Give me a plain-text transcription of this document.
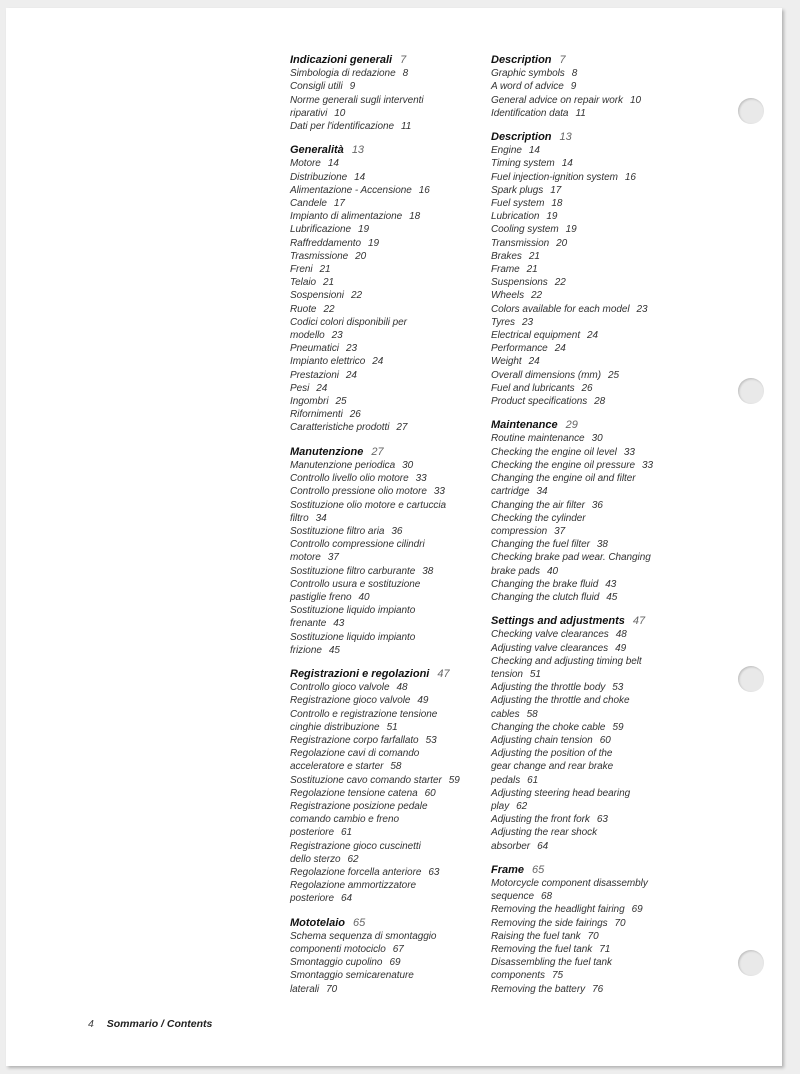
Indicazioni generali 7
Simbologia di redazione 8
Consigli utili 9
Norme generali sugli interventi
riparativi 10
Dati per l'identificazione 11
Generalità 13
Motore 14
Distribuzione 14
Alimentazione - Accensione 16
Candele 17
Impianto di alimentazione 18
Lubrificazione 19
Raffreddamento 19
Trasmissione 20
Freni 21
Telaio 21
Sospensioni 22
Ruote 22
Codici colori disponibili per
modello 23
Pneumatici 23
Impianto elettrico 24
Prestazioni 24
Pesi 24
Ingombri 25
Rifornimenti 26
Caratteristiche prodotti 27
Manutenzione 27
Manutenzione periodica 30
Controllo livello olio motore 33
Controllo pressione olio motore 33
Sostituzione olio motore e cartuccia
filtro 34
Sostituzione filtro aria 36
Controllo compressione cilindri
motore 37
Sostituzione filtro carburante 38
Controllo usura e sostituzione
pastiglie freno 40
Sostituzione liquido impianto
frenante 43
Sostituzione liquido impianto
frizione 45
Registrazioni e regolazioni 47
Controllo gioco valvole 48
Registrazione gioco valvole 49
Controllo e registrazione tensione
cinghie distribuzione 51
Registrazione corpo farfallato 53
Regolazione cavi di comando
acceleratore e starter 58
Sostituzione cavo comando starter 59
Regolazione tensione catena 60
Registrazione posizione pedale
comando cambio e freno
posteriore 61
Registrazione gioco cuscinetti
dello sterzo 62
Regolazione forcella anteriore 63
Regolazione ammortizzatore
posteriore 64
Mototelaio 65
Schema sequenza di smontaggio
componenti motociclo 67
Smontaggio cupolino 69
Smontaggio semicarenature
laterali 70
Description 7
Graphic symbols 8
A word of advice 9
General advice on repair work 10
Identification data 11
Description 13
Engine 14
Timing system 14
Fuel injection-ignition system 16
Spark plugs 17
Fuel system 18
Lubrication 19
Cooling system 19
Transmission 20
Brakes 21
Frame 21
Suspensions 22
Wheels 22
Colors available for each model 23
Tyres 23
Electrical equipment 24
Performance 24
Weight 24
Overall dimensions (mm) 25
Fuel and lubricants 26
Product specifications 28
Maintenance 29
Routine maintenance 30
Checking the engine oil level 33
Checking the engine oil pressure 33
Changing the engine oil and filter
cartridge 34
Changing the air filter 36
Checking the cylinder
compression 37
Changing the fuel filter 38
Checking brake pad wear. Changing
brake pads 40
Changing the brake fluid 43
Changing the clutch fluid 45
Settings and adjustments 47
Checking valve clearances 48
Adjusting valve clearances 49
Checking and adjusting timing belt
tension 51
Adjusting the throttle body 53
Adjusting the throttle and choke
cables 58
Changing the choke cable 59
Adjusting chain tension 60
Adjusting the position of the
gear change and rear brake
pedals 61
Adjusting steering head bearing
play 62
Adjusting the front fork 63
Adjusting the rear shock
absorber 64
Frame 65
Motorcycle component disassembly
sequence 68
Removing the headlight fairing 69
Removing the side fairings 70
Raising the fuel tank 70
Removing the fuel tank 71
Disassembling the fuel tank
components 75
Removing the battery 76
4 Sommario / Contents
